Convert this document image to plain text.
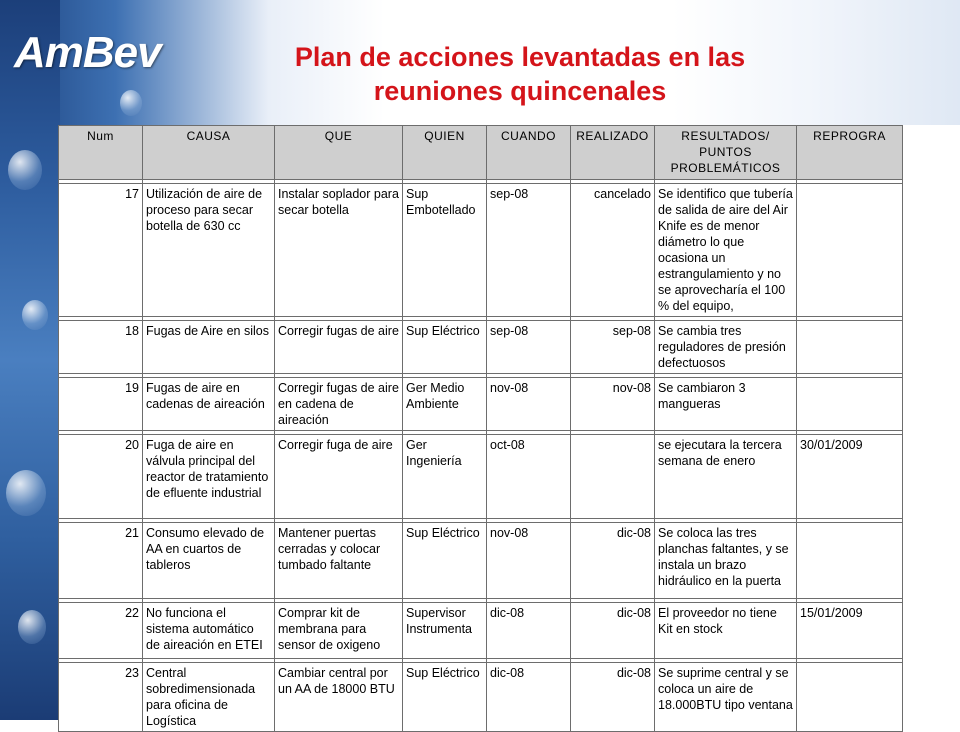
AmBev	Plan de acciones levantadas en las
reuniones quincenales
Num	CAUSA	QUE	QUIEN	CUANDO	REALIZADO	RESULTADOS/ PUNTOS PROBLEMÁTICOS	REPROGRA

17	Utilización de aire de proceso para secar botella de 630 cc	Instalar soplador para secar botella	Sup Embotellado	sep-08	cancelado	Se identifico que tubería de salida de aire del Air Knife es de menor diámetro lo que ocasiona un estrangulamiento y no se aprovecharía el 100 % del equipo,	

18	Fugas de Aire en silos	Corregir fugas de aire	Sup Eléctrico	sep-08	sep-08	Se cambia tres reguladores de presión defectuosos	

19	Fugas de aire en cadenas de aireación	Corregir fugas de aire en cadena de aireación	Ger Medio Ambiente	nov-08	nov-08	Se cambiaron 3 mangueras	

20	Fuga de aire en válvula principal del reactor de tratamiento de efluente industrial	Corregir fuga de aire	Ger Ingeniería	oct-08		se ejecutara la tercera semana de enero	30/01/2009

21	Consumo elevado de AA en cuartos de tableros	Mantener puertas cerradas y colocar tumbado faltante	Sup Eléctrico	nov-08	dic-08	Se coloca las tres planchas faltantes, y se instala un brazo hidráulico en la puerta	

22	No funciona el sistema automático de aireación en ETEI	Comprar kit de membrana para sensor de oxigeno	Supervisor Instrumenta	dic-08	dic-08	El proveedor no tiene Kit en stock	15/01/2009

23	Central sobredimensionada para oficina de Logística	Cambiar central por un AA de 18000 BTU	Sup Eléctrico	dic-08	dic-08	Se suprime central y se coloca un aire de 18.000BTU tipo ventana	
